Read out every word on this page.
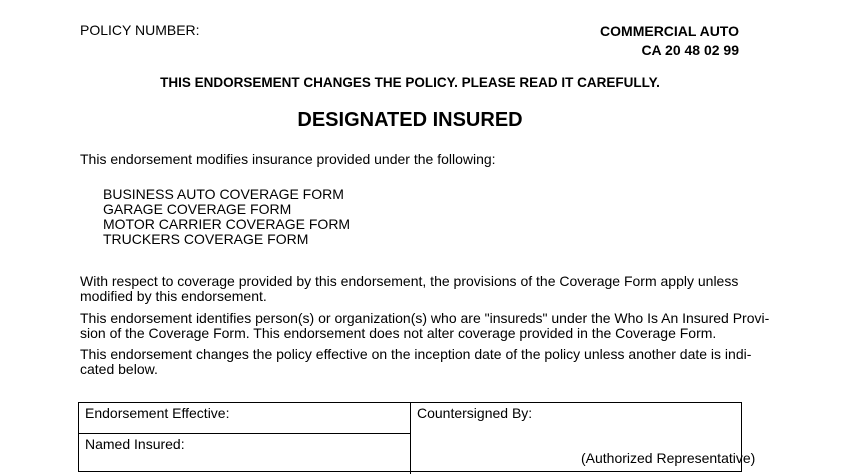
POLICY NUMBER:	COMMERCIAL AUTO
CA 20 48 02 99
THIS ENDORSEMENT CHANGES THE POLICY. PLEASE READ IT CAREFULLY.
DESIGNATED INSURED
This endorsement modifies insurance provided under the following:
BUSINESS AUTO COVERAGE FORM
GARAGE COVERAGE FORM
MOTOR CARRIER COVERAGE FORM
TRUCKERS COVERAGE FORM
With respect to coverage provided by this endorsement, the provisions of the Coverage Form apply unless
modified by this endorsement.
This endorsement identifies person(s) or organization(s) who are "insureds" under the Who Is An Insured Provi-
sion of the Coverage Form. This endorsement does not alter coverage provided in the Coverage Form.
This endorsement changes the policy effective on the inception date of the policy unless another date is indi-
cated below.
Endorsement Effective:
Named Insured:
Countersigned By:
(Authorized Representative)
